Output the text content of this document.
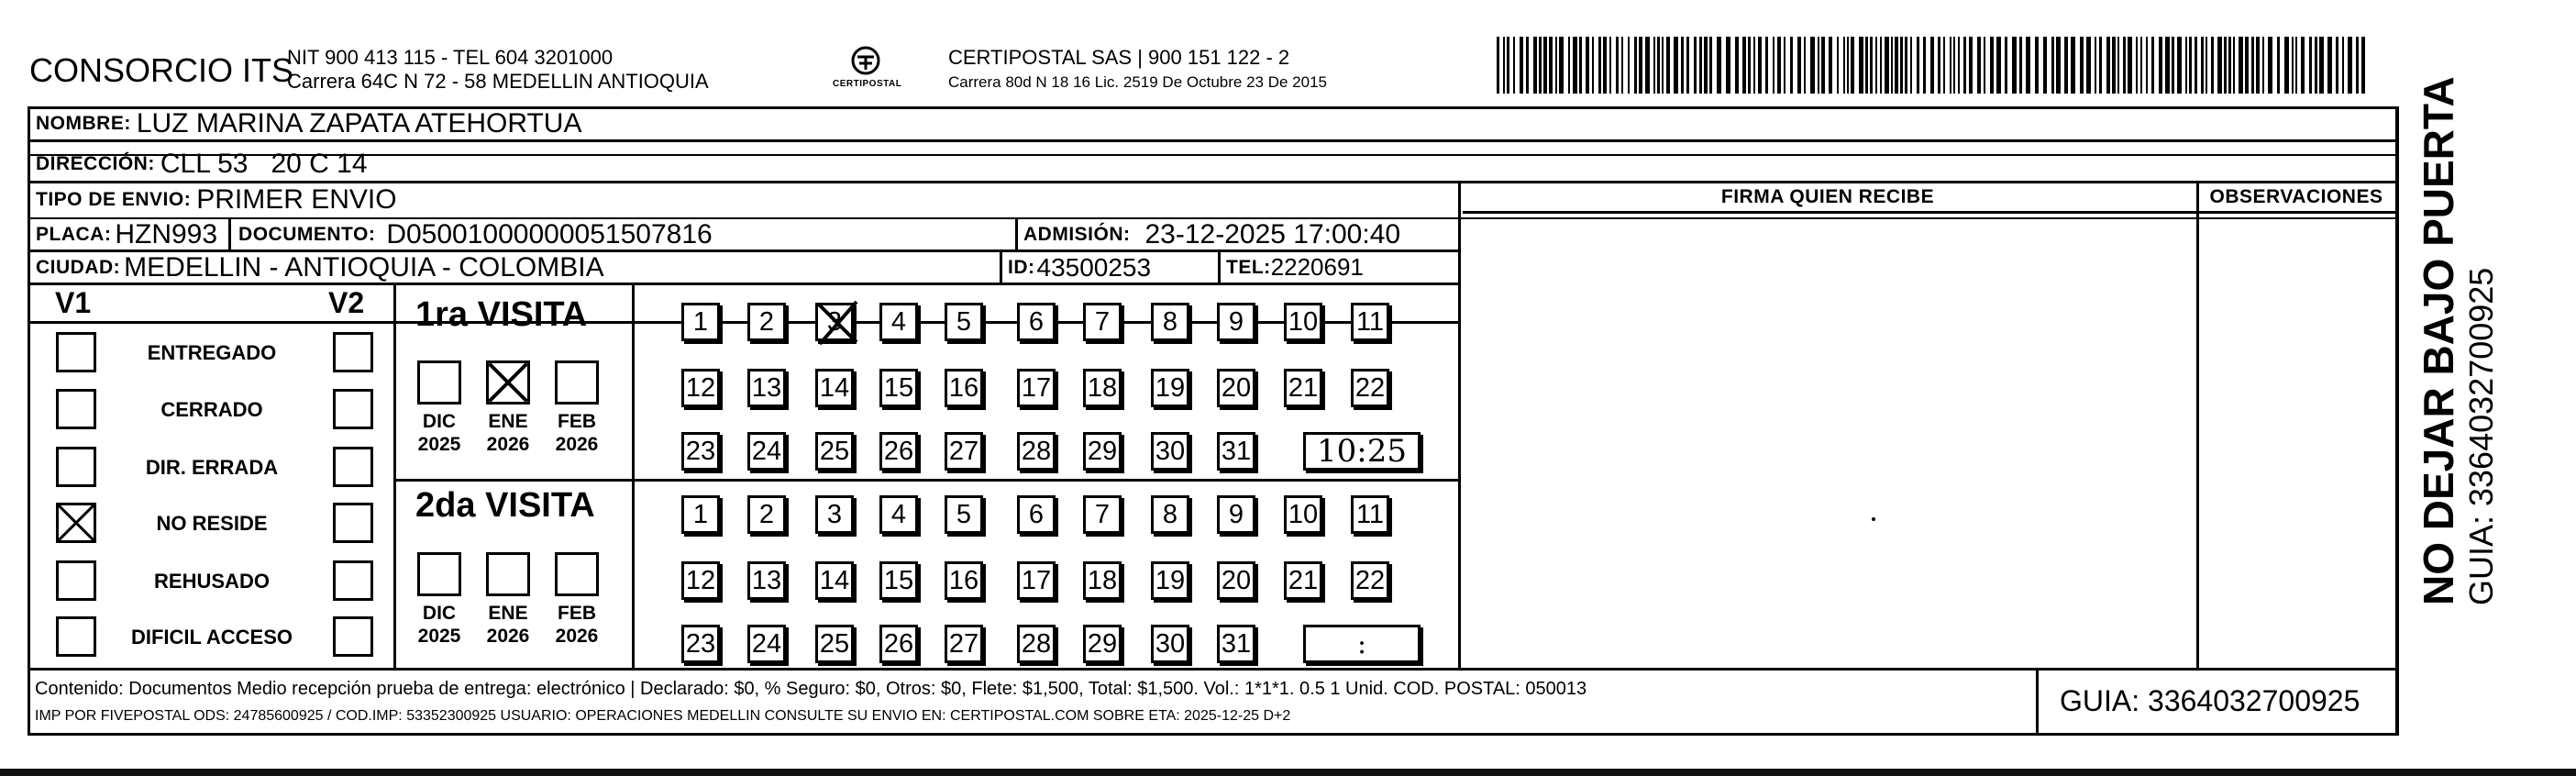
CONSORCIO ITS
NIT 900 413 115 - TEL 604 3201000
Carrera 64C N 72 - 58 MEDELLIN ANTIOQUIA	CERTIPOSTAL
CERTIPOSTAL SAS | 900 151 122 - 2
Carrera 80d N 18 16 Lic. 2519 De Octubre 23 De 2015
NOMBRE: LUZ MARINA ZAPATA ATEHORTUA
DIRECCIÓN: CLL 53   20 C 14
TIPO DE ENVIO: PRIMER ENVIO	FIRMA QUIEN RECIBE	OBSERVACIONES
PLACA: HZN993 DOCUMENTO: D05001000000051507816	ADMISIÓN: 23-12-2025 17:00:40
CIUDAD: MEDELLIN - ANTIOQUIA - COLOMBIA	ID: 43500253	TEL: 2220691
V1	V2
ENTREGADO
CERRADO
DIR. ERRADA
NO RESIDE
REHUSADO
DIFICIL ACCESO
1ra VISITA
DIC
2025
ENE
2026
FEB
2026
1	2	3	4	5	6	7	8	9	10 11
12 13 14 15 16 17 18 19 20 21 22
23 24 25 26 27 28 29 30 31	10:25
2da VISITA
DIC
2025
ENE
2026
FEB
2026
1	2	3	4	5	6	7	8	9	10 11
12 13 14 15 16 17 18 19 20 21 22
23 24 25 26 27 28 29 30 31	:
Contenido: Documentos Medio recepción prueba de entrega: electrónico | Declarado: $0, % Seguro: $0, Otros: $0, Flete: $1,500, Total: $1,500. Vol.: 1*1*1. 0.5 1 Unid. COD. POSTAL: 050013
IMP POR FIVEPOSTAL ODS: 24785600925 / COD.IMP: 53352300925 USUARIO: OPERACIONES MEDELLIN CONSULTE SU ENVIO EN: CERTIPOSTAL.COM SOBRE ETA: 2025-12-25 D+2	GUIA: 3364032700925
NO DEJAR BAJO PUERTA GUIA: 3364032700925
